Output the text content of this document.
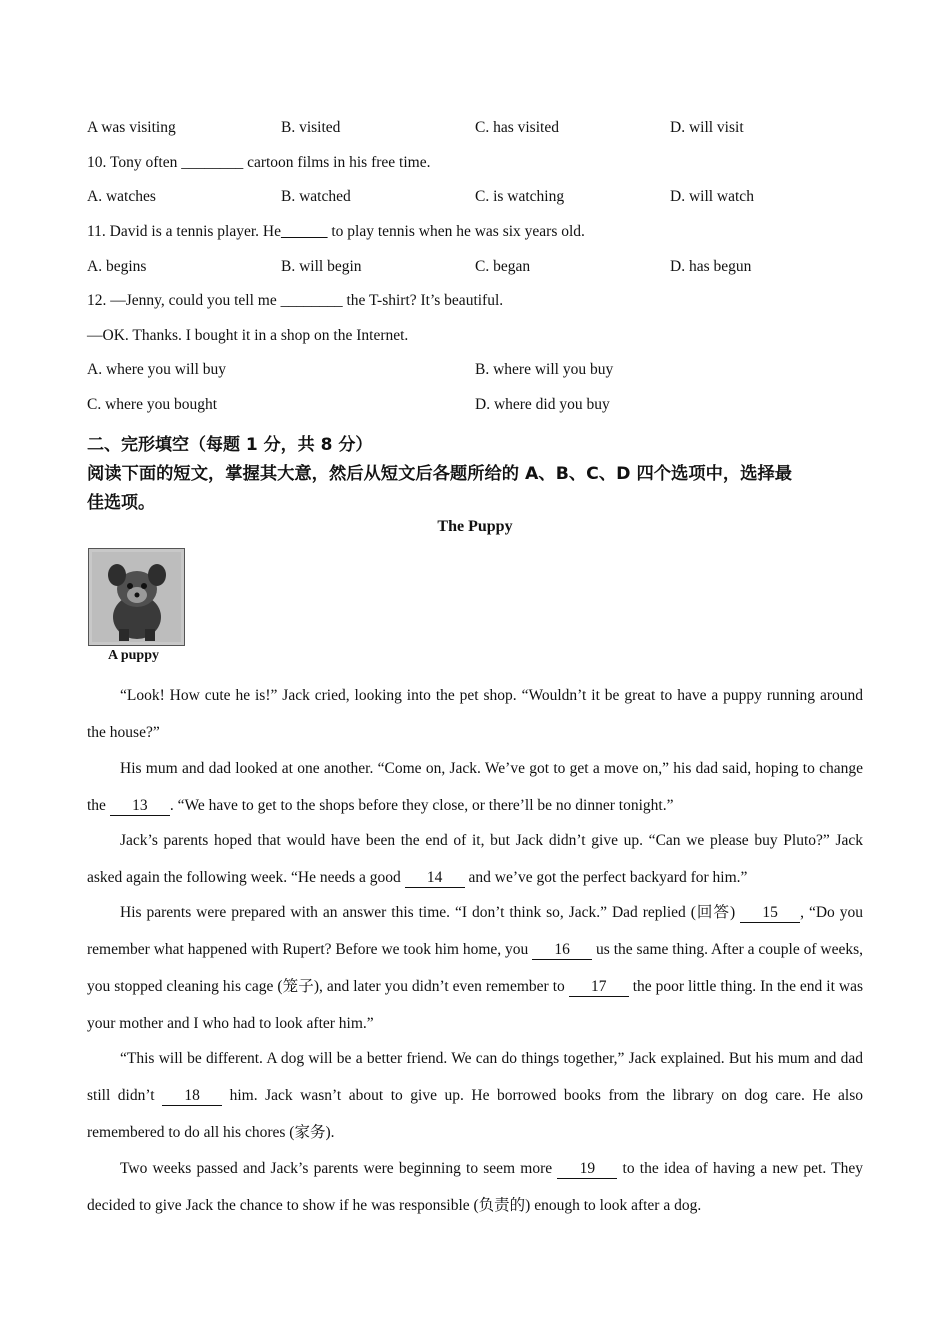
A was visiting	B. visited	C. has visited	D. will visit
10. Tony often ________ cartoon films in his free time.
A. watches	B. watched	C. is watching	D. will watch
11. David is a tennis player. He______ to play tennis when he was six years old.
A. begins	B. will begin	C. began	D. has begun
12. —Jenny, could you tell me ________ the T-shirt? It’s beautiful.
—OK. Thanks. I bought it in a shop on the Internet.
A. where you will buy	B. where will you buy
C. where you bought	D. where did you buy
二、完形填空（每题 1 分，共 8 分）
阅读下面的短文，掌握其大意，然后从短文后各题所给的 A、B、C、D 四个选项中，选择最
佳选项。
The Puppy
A puppy
“Look! How cute he is!” Jack cried, looking into the pet shop. “Wouldn’t it be great to have a puppy running around the house?”
His mum and dad looked at one another. “Come on, Jack. We’ve got to get a move on,” his dad said, hoping to change the 13 . “We have to get to the shops before they close, or there’ll be no dinner tonight.”
Jack’s parents hoped that would have been the end of it, but Jack didn’t give up. “Can we please buy Pluto?” Jack asked again the following week. “He needs a good 14 and we’ve got the perfect backyard for him.”
His parents were prepared with an answer this time. “I don’t think so, Jack.” Dad replied (回答) 15 , “Do you remember what happened with Rupert? Before we took him home, you 16 us the same thing. After a couple of weeks, you stopped cleaning his cage (笼子), and later you didn’t even remember to 17 the poor little thing. In the end it was your mother and I who had to look after him.”
“This will be different. A dog will be a better friend. We can do things together,” Jack explained. But his mum and dad still didn’t 18 him. Jack wasn’t about to give up. He borrowed books from the library on dog care. He also remembered to do all his chores (家务).
Two weeks passed and Jack’s parents were beginning to seem more 19 to the idea of having a new pet. They decided to give Jack the chance to show if he was responsible (负责的) enough to look after a dog.
